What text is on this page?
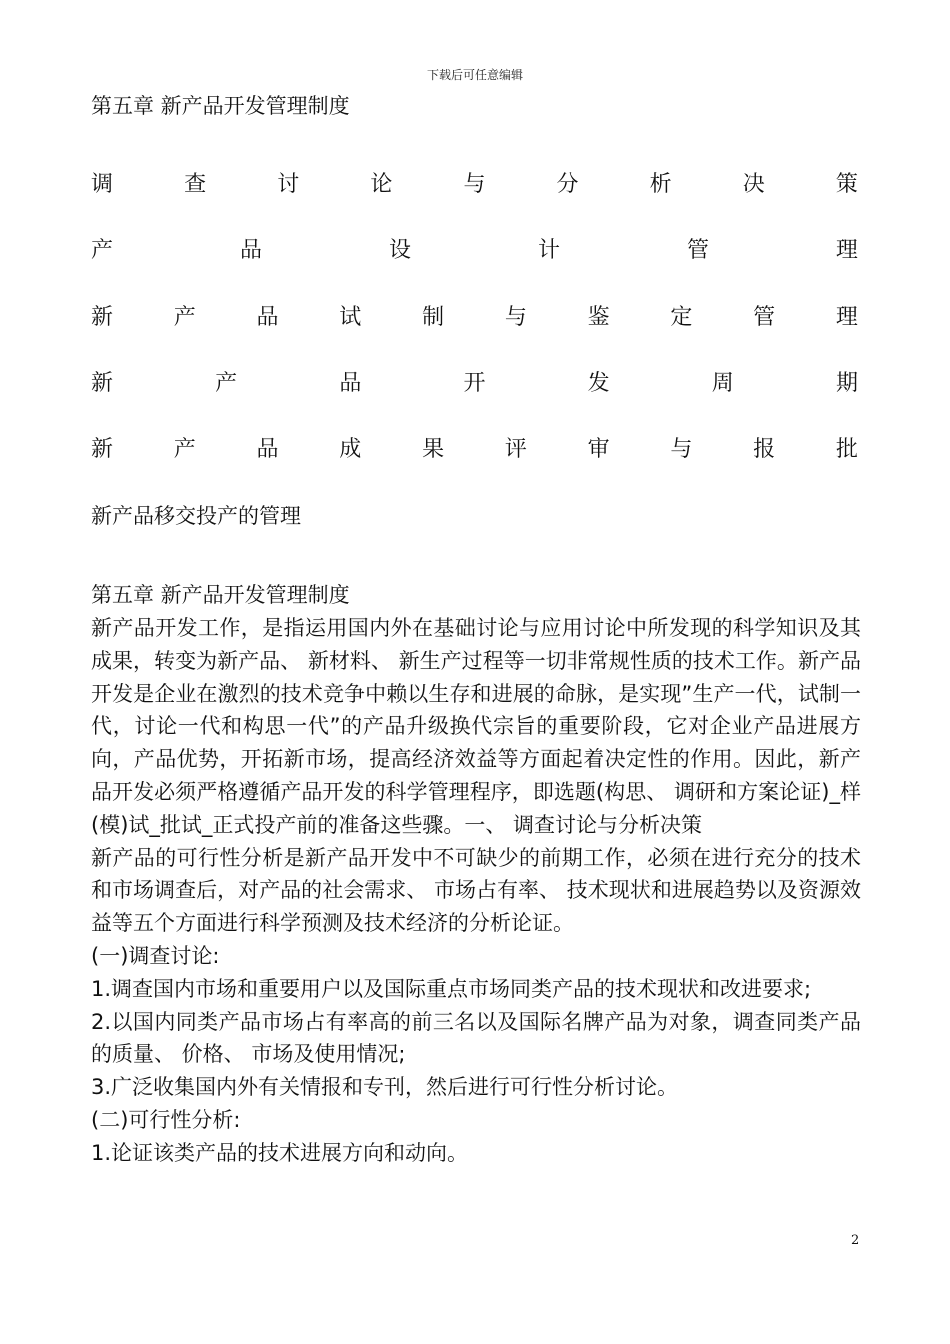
下载后可任意编辑
第五章 新产品开发管理制度
调	查	讨	论	与	分	析	决	策
产	品	设	计	管	理
新	产	品	试	制	与	鉴	定	管	理
新	产	品	开	发	周	期
新	产	品	成	果	评	审	与	报	批
新产品移交投产的管理
第五章 新产品开发管理制度

新产品开发工作，是指运用国内外在基础讨论与应用讨论中所发现的科学知识及其成果，转变为新产品、 新材料、 新生产过程等一切非常规性质的技术工作。新产品开发是企业在激烈的技术竞争中赖以生存和进展的命脉，是实现”生产一代，试制一代，讨论一代和构思一代”的产品升级换代宗旨的重要阶段，它对企业产品进展方向，产品优势，开拓新市场，提高经济效益等方面起着决定性的作用。因此，新产品开发必须严格遵循产品开发的科学管理程序，即选题(构思、 调研和方案论证)_样(模)试_批试_正式投产前的准备这些骤。一、 调查讨论与分析决策

新产品的可行性分析是新产品开发中不可缺少的前期工作，必须在进行充分的技术和市场调查后，对产品的社会需求、 市场占有率、 技术现状和进展趋势以及资源效益等五个方面进行科学预测及技术经济的分析论证。

(一)调查讨论:

1.调查国内市场和重要用户以及国际重点市场同类产品的技术现状和改进要求;

2.以国内同类产品市场占有率高的前三名以及国际名牌产品为对象，调查同类产品的质量、 价格、 市场及使用情况;

3.广泛收集国内外有关情报和专刊，然后进行可行性分析讨论。

(二)可行性分析:

1.论证该类产品的技术进展方向和动向。

2
